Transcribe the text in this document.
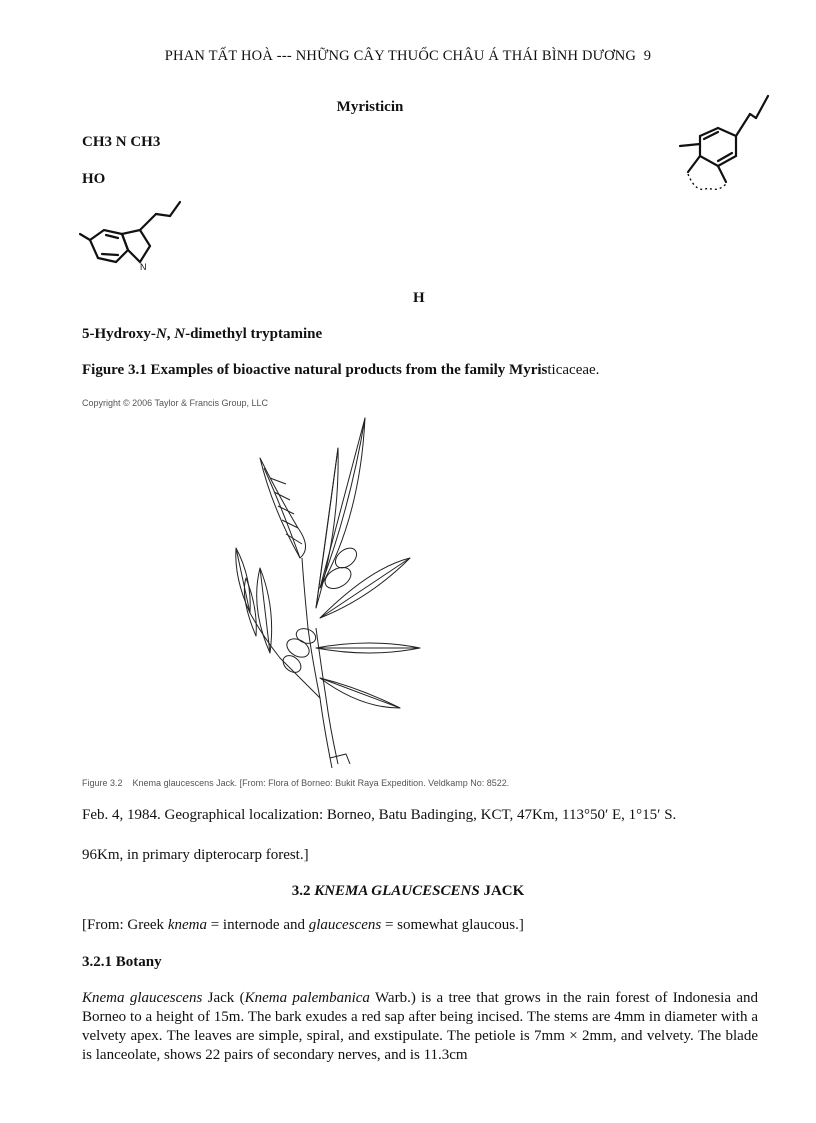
PHAN TẤT HOÀ --- NHỮNG CÂY THUỐC CHÂU Á THÁI BÌNH DƯƠNG 9
Myristicin
CH3 N CH3
HO
N
H
5-Hydroxy-N, N-dimethyl tryptamine
Figure 3.1 Examples of bioactive natural products from the family Myristicaceae.
Copyright © 2006 Taylor & Francis Group, LLC
Figure 3.2 Knema glaucescens Jack. [From: Flora of Borneo: Bukit Raya Expedition. Veldkamp No: 8522.
Feb. 4, 1984. Geographical localization: Borneo, Batu Badinging, KCT, 47Km, 113°50′ E, 1°15′ S.
96Km, in primary dipterocarp forest.]
3.2 KNEMA GLAUCESCENS JACK
[From: Greek knema = internode and glaucescens = somewhat glaucous.]
3.2.1 Botany
Knema glaucescens Jack (Knema palembanica Warb.) is a tree that grows in the rain forest of Indonesia and Borneo to a height of 15m. The bark exudes a red sap after being incised. The stems are 4mm in diameter with a velvety apex. The leaves are simple, spiral, and exstipulate. The petiole is 7mm × 2mm, and velvety. The blade is lanceolate, shows 22 pairs of secondary nerves, and is 11.3cm
